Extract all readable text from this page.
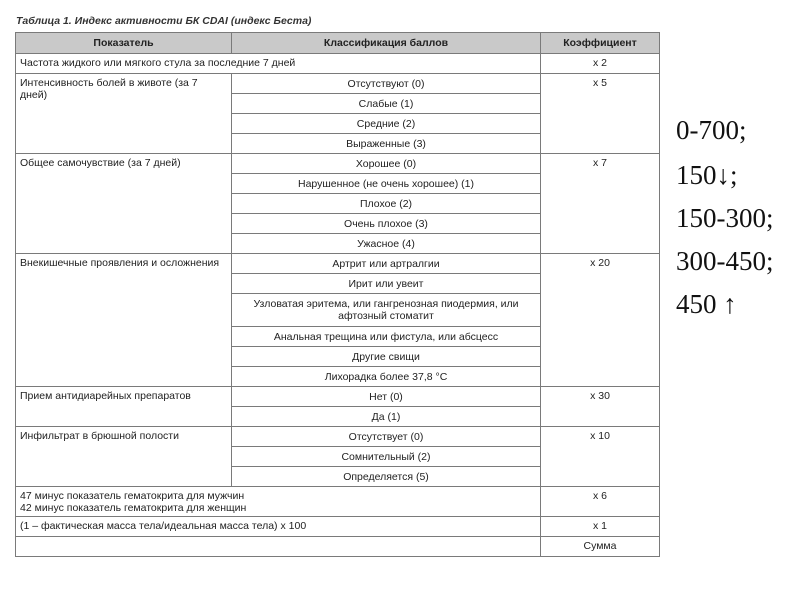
Таблица 1. Индекс активности БК CDAI (индекс Беста)
Показатель	Классификация баллов	Коэффициент
Частота жидкого или мягкого стула за последние 7 дней		x 2
Интенсивность болей в животе (за 7 дней)	Отсутствуют (0)	x 5
	Слабые (1)	
	Средние (2)	
	Выраженные (3)	
Общее самочувствие (за 7 дней)	Хорошее (0)	x 7
	Нарушенное (не очень хорошее) (1)	
	Плохое (2)	
	Очень плохое (3)	
	Ужасное (4)	
Внекишечные проявления и осложнения	Артрит или артралгии	x 20
	Ирит или увеит	
	Узловатая эритема, или гангренозная пиодермия, или афтозный стоматит	
	Анальная трещина или фистула, или абсцесс	
	Другие свищи	
	Лихорадка более 37,8 °C	
Прием антидиарейных препаратов	Нет (0)	x 30
	Да (1)	
Инфильтрат в брюшной полости	Отсутствует (0)	x 10
	Сомнительный (2)	
	Определяется (5)	

47 минус показатель гематокрита для мужчин
42 минус показатель гематокрита для женщин		x 6
(1 – фактическая масса тела/идеальная масса тела) x 100		x 1
		Сумма
0-700;
150↓;
150-300;
300-450;
450 ↑
